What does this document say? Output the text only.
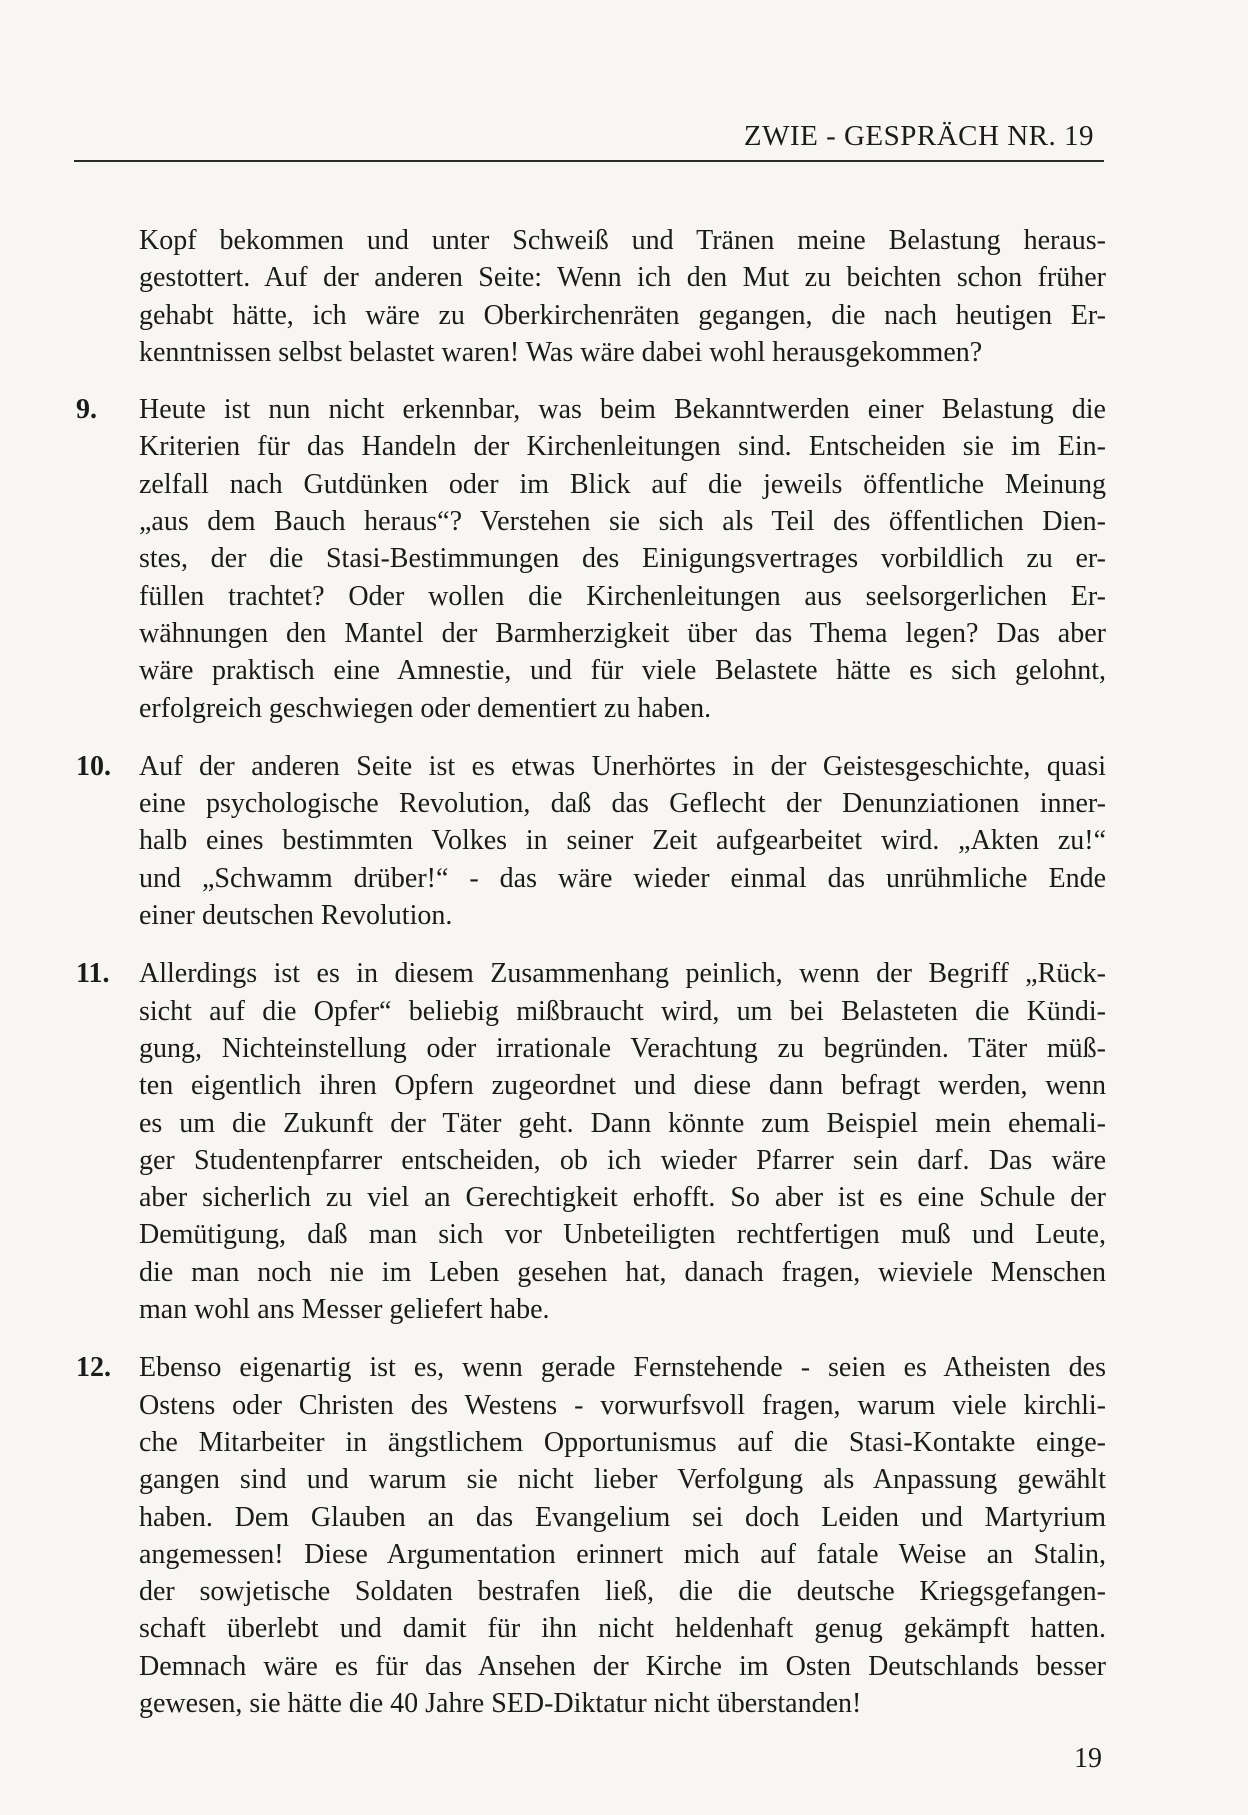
ZWIE - GESPRÄCH NR. 19
Kopf bekommen und unter Schweiß und Tränen meine Belastung heraus-
gestottert. Auf der anderen Seite: Wenn ich den Mut zu beichten schon früher
gehabt hätte, ich wäre zu Oberkirchenräten gegangen, die nach heutigen Er-
kenntnissen selbst belastet waren! Was wäre dabei wohl herausgekommen?
9. Heute ist nun nicht erkennbar, was beim Bekanntwerden einer Belastung die
Kriterien für das Handeln der Kirchenleitungen sind. Entscheiden sie im Ein-
zelfall nach Gutdünken oder im Blick auf die jeweils öffentliche Meinung
„aus dem Bauch heraus“? Verstehen sie sich als Teil des öffentlichen Dien-
stes, der die Stasi-Bestimmungen des Einigungsvertrages vorbildlich zu er-
füllen trachtet? Oder wollen die Kirchenleitungen aus seelsorgerlichen Er-
wähnungen den Mantel der Barmherzigkeit über das Thema legen? Das aber
wäre praktisch eine Amnestie, und für viele Belastete hätte es sich gelohnt,
erfolgreich geschwiegen oder dementiert zu haben.
10. Auf der anderen Seite ist es etwas Unerhörtes in der Geistesgeschichte, quasi
eine psychologische Revolution, daß das Geflecht der Denunziationen inner-
halb eines bestimmten Volkes in seiner Zeit aufgearbeitet wird. „Akten zu!“
und „Schwamm drüber!“ - das wäre wieder einmal das unrühmliche Ende
einer deutschen Revolution.
11. Allerdings ist es in diesem Zusammenhang peinlich, wenn der Begriff „Rück-
sicht auf die Opfer“ beliebig mißbraucht wird, um bei Belasteten die Kündi-
gung, Nichteinstellung oder irrationale Verachtung zu begründen. Täter müß-
ten eigentlich ihren Opfern zugeordnet und diese dann befragt werden, wenn
es um die Zukunft der Täter geht. Dann könnte zum Beispiel mein ehemali-
ger Studentenpfarrer entscheiden, ob ich wieder Pfarrer sein darf. Das wäre
aber sicherlich zu viel an Gerechtigkeit erhofft. So aber ist es eine Schule der
Demütigung, daß man sich vor Unbeteiligten rechtfertigen muß und Leute,
die man noch nie im Leben gesehen hat, danach fragen, wieviele Menschen
man wohl ans Messer geliefert habe.
12. Ebenso eigenartig ist es, wenn gerade Fernstehende - seien es Atheisten des
Ostens oder Christen des Westens - vorwurfsvoll fragen, warum viele kirchli-
che Mitarbeiter in ängstlichem Opportunismus auf die Stasi-Kontakte einge-
gangen sind und warum sie nicht lieber Verfolgung als Anpassung gewählt
haben. Dem Glauben an das Evangelium sei doch Leiden und Martyrium
angemessen! Diese Argumentation erinnert mich auf fatale Weise an Stalin,
der sowjetische Soldaten bestrafen ließ, die die deutsche Kriegsgefangen-
schaft überlebt und damit für ihn nicht heldenhaft genug gekämpft hatten.
Demnach wäre es für das Ansehen der Kirche im Osten Deutschlands besser
gewesen, sie hätte die 40 Jahre SED-Diktatur nicht überstanden!
19
